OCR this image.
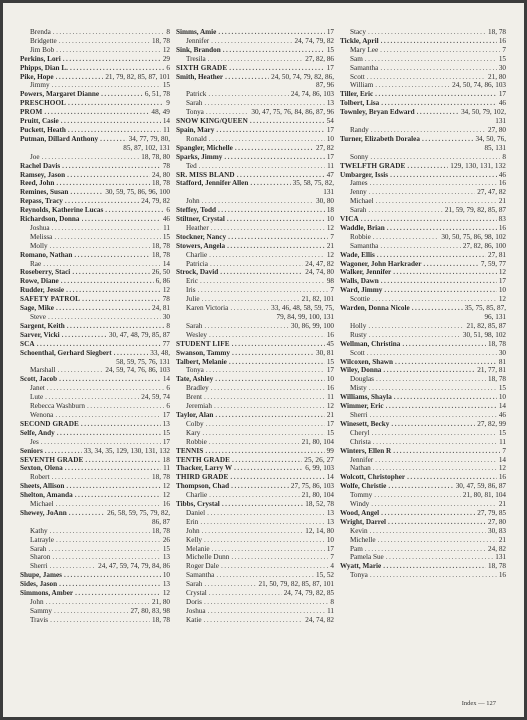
Brenda .....	8
Bridgette .....	18, 78
Jim Bob .....	12
Perkins, Lori .....	29
Phipps, Dian L. .....	6
Pike, Hope .....	21, 79, 82, 85, 87, 101
Jimmy .....	15
Powers, Margaret Dianne .....	6, 51, 78
PRESCHOOL .....	9
PROM .....	48, 49
Pruitt, Casie .....	14
Puckett, Heath .....	11
Putman, Dillard Anthony .....	34, 77, 79, 80,
85, 87, 102, 131
Joe .....	18, 78, 80
Rachel Davis .....	78
Ramsey, Jason .....	24, 80
Reed, John .....	18, 78
Remines, Susan .....	30, 59, 75, 86, 96, 100
Repass, Tracy .....	24, 79, 82
Reynolds, Katherine Lucas .....	6
Richardson, Donna .....	46
Joshua .....	11
Melissa .....	15
Molly .....	18, 78
Romano, Nathan .....	18, 78
Rae .....	14
Roseberry, Staci .....	26, 50
Rowe, Diane .....	6, 86
Rudder, Jessie .....	12
SAFETY PATROL .....	78
Sage, Mike .....	24, 81
Steve .....	30
Sargent, Keith .....	8
Sarver, Vicki .....	30, 47, 48, 79, 85, 87
SCA .....	77
Schoenthal, Gerhard Siegbert .....	33, 48,
58, 59, 75, 76, 131
Marshall .....	24, 59, 74, 76, 86, 103
Scott, Jacob .....	14
Janet .....	6
Lute .....	24, 59, 74
Rebecca Washburn .....	6
Wenona .....	17
SECOND GRADE .....	13
Selfe, Andy .....	15
Jes .....	17
Seniors .....	33, 34, 35, 129, 130, 131, 132
SEVENTH GRADE .....	18
Sexton, Olena .....	11
Robert .....	18, 78
Sheets, Allison .....	12
Shelton, Amanda .....	12
Michael .....	16
Shewey, JoAnn .....	26, 58, 59, 75, 79, 82,
86, 87
Kathy .....	18, 78
Latrayle .....	26
Sarah .....	15
Sharon .....	13
Sherri .....	24, 47, 59, 74, 79, 84, 86
Shupe, James .....	10
Sides, Jason .....	13
Simmons, Amber .....	12
John .....	21, 80
Sammy .....	27, 80, 83, 98
Travis .....	18, 78
Simms, Amie .....	17
Jennifer .....	24, 74, 79, 82
Sink, Brandon .....	15
Tresila .....	27, 82, 86
SIXTH GRADE .....	17
Smith, Heather .....	24, 50, 74, 79, 82, 86,
87, 96
Patrick .....	24, 74, 86, 103
Sarah .....	13
Tonya .....	30, 47, 75, 76, 84, 86, 87, 96
SNOW KING/QUEEN .....	54
Spain, Mary .....	17
Ronald .....	10
Spangler, Michelle .....	27, 82
Sparks, Jimmy .....	17
Ted .....	11
SR. MISS BLAND .....	47
Stafford, Jennifer Allen .....	35, 58, 75, 82,
131
John .....	30, 80
Steffey, Todd .....	18
Stiltner, Crystal .....	10
Heather .....	12
Stockner, Nancy .....	7
Stowers, Angela .....	21
Charlie .....	12
Patricia .....	24, 47, 82
Strock, David .....	24, 74, 80
Eric .....	98
Iris .....	7
Julie .....	21, 82, 101
Karen Victoria .....	33, 46, 48, 58, 59, 75,
79, 84, 99, 100, 131
Sarah .....	30, 86, 99, 100
Wesley .....	16
STUDENT LIFE .....	45
Swanson, Tammy .....	30, 81
Talbert, Melanie .....	15
Tonya .....	17
Tate, Ashley .....	10
Bradley .....	16
Brent .....	11
Jeremiah .....	12
Taylor, Alan .....	21
Colby .....	17
Kary .....	15
Robbie .....	21, 80, 104
TENNIS .....	99
TENTH GRADE .....	25, 26, 27
Thacker, Larry W .....	6, 99, 103
THIRD GRADE .....	14
Thompson, Chad .....	27, 75, 86, 103
Charlie .....	21, 80, 104
Tibbs, Crystal .....	18, 52, 78
Daniel .....	13
Erin .....	13
John .....	12, 14, 80
Kelly .....	10
Melanie .....	17
Michelle Dunn .....	7
Roger Dale .....	4
Samantha .....	15, 52
Sarah .....	21, 50, 79, 82, 85, 87, 101
Crystal .....	24, 74, 79, 82, 85
Doris .....	8
Joshua .....	11
Katie .....	24, 74, 82
Stacy .....	18, 78
Tickle, April .....	16
Mary Lee .....	7
Sam .....	15
Samantha .....	30
Scott .....	21, 80
William .....	24, 50, 74, 86, 103
Tiller, Eric .....	17
Tolbert, Lisa .....	46
Townley, Bryan Edward .....	34, 50, 79, 102,
131
Randy .....	27, 80
Turner, Elizabeth Doralea .....	34, 50, 76,
85, 131
Sonny .....	8
TWELFTH GRADE .....	129, 130, 131, 132
Umbarger, Issis .....	46
James .....	16
Jenny .....	27, 47, 82
Michael .....	21
Sarah .....	21, 59, 79, 82, 85, 87
VICA .....	83
Waddle, Brian .....	16
Robbie .....	30, 50, 75, 86, 98, 102
Samantha .....	27, 82, 86, 100
Wade, Ellis .....	27, 81
Wagoner, John Harkrader .....	7, 59, 77
Walker, Jennifer .....	12
Walls, Dawn .....	17
Ward, Jimmy .....	10
Scottie .....	12
Warden, Donna Nicole .....	35, 75, 85, 87,
96, 131
Holly .....	21, 82, 85, 87
Rusty .....	30, 51, 98, 102
Wellman, Christina .....	18, 78
Scott .....	30
Wilcoxen, Shawn .....	81
Wiley, Donna .....	21, 77, 81
Douglas .....	18, 78
Misty .....	15
Williams, Shayla .....	10
Wimmer, Eric .....	14
Sherri .....	46
Winesett, Becky .....	27, 82, 99
Cheryl .....	15
Christa .....	11
Winters, Ellen R .....	7
Jennifer .....	14
Nathan .....	12
Wolcott, Christopher .....	16
Wolfe, Christie .....	30, 47, 59, 86, 87
Tommy .....	21, 80, 81, 104
Windy .....	21
Wood, Angel .....	27, 79, 85
Wright, Darrel .....	27, 80
Kevin .....	30, 83
Michelle .....	21
Pam .....	24, 82
Pamela Sue .....	131
Wyatt, Marie .....	18, 78
Tonya .....	16
Index — 127
